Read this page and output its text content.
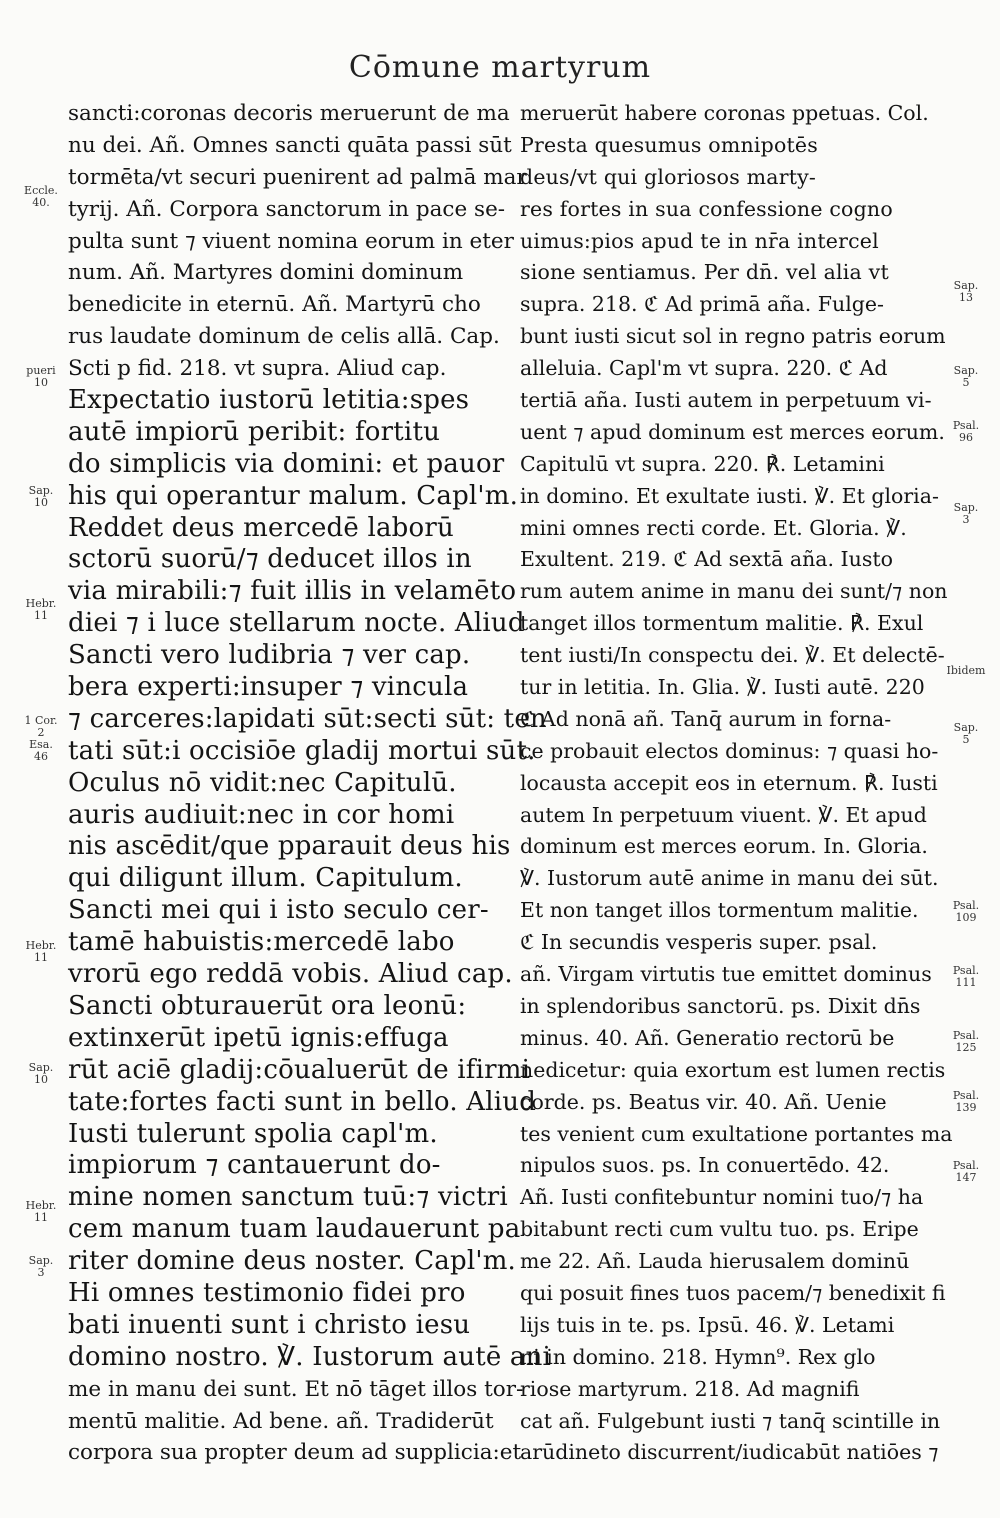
Cōmune martyrum
sancti:coronas decoris meruerunt de ma
nu dei. Añ. Omnes sancti quāta passi sūt
tormēta/vt securi puenirent ad palmā mar
tyrij. Añ. Corpora sanctorum in pace se-
pulta sunt ⁊ viuent nomina eorum in eter
num. Añ. Martyres domini dominum
benedicite in eternū. Añ. Martyrū cho
rus laudate dominum de celis allā. Cap.
Scti p fid. 218. vt supra. Aliud cap.
Expectatio iustorū letitia:spes
autē impiorū peribit: fortitu
do simplicis via domini: et pauor
his qui operantur malum. Capl'm.
Reddet deus mercedē laborū
sctorū suorū/⁊ deducet illos in
via mirabili:⁊ fuit illis in velamēto
diei ⁊ i luce stellarum nocte. Aliud
Sancti vero ludibria ⁊ ver cap.
bera experti:insuper ⁊ vincula
⁊ carceres:lapidati sūt:secti sūt: ten
tati sūt:i occisiōe gladij mortui sūt.
Oculus nō vidit:nec Capitulū.
auris audiuit:nec in cor homi
nis ascēdit/que pparauit deus his
qui diligunt illum. Capitulum.
Sancti mei qui i isto seculo cer-
tamē habuistis:mercedē labo
vrorū ego reddā vobis. Aliud cap.
Sancti obturauerūt ora leonū:
extinxerūt ipetū ignis:effuga
rūt aciē gladij:cōualuerūt de ifirmi
tate:fortes facti sunt in bello. Aliud
Iusti tulerunt spolia capl'm.
impiorum ⁊ cantauerunt do-
mine nomen sanctum tuū:⁊ victri
cem manum tuam laudauerunt pa
riter domine deus noster. Capl'm.
Hi omnes testimonio fidei pro
bati inuenti sunt i christo iesu
domino nostro. ℣. Iustorum autē ani
me in manu dei sunt. Et nō tāget illos tor-
mentū malitie. Ad bene. añ. Tradiderūt
corpora sua propter deum ad supplicia:et
meruerūt habere coronas ppetuas. Col.
Presta quesumus omnipotēs
deus/vt qui gloriosos marty-
res fortes in sua confessione cogno
uimus:pios apud te in nr̄a intercel
sione sentiamus. Per dn̄. vel alia vt
supra. 218. ℭ Ad primā aña. Fulge-
bunt iusti sicut sol in regno patris eorum
alleluia. Capl'm vt supra. 220. ℭ Ad
tertiā aña. Iusti autem in perpetuum vi-
uent ⁊ apud dominum est merces eorum.
Capitulū vt supra. 220. ℟. Letamini
in domino. Et exultate iusti. ℣. Et gloria-
mini omnes recti corde. Et. Gloria. ℣.
Exultent. 219. ℭ Ad sextā aña. Iusto
rum autem anime in manu dei sunt/⁊ non
tanget illos tormentum malitie. ℟. Exul
tent iusti/In conspectu dei. ℣. Et delectē-
tur in letitia. In. Glia. ℣. Iusti autē. 220
ℭ Ad nonā añ. Tanq̄ aurum in forna-
ce probauit electos dominus: ⁊ quasi ho-
locausta accepit eos in eternum. ℟. Iusti
autem In perpetuum viuent. ℣. Et apud
dominum est merces eorum. In. Gloria.
℣. Iustorum autē anime in manu dei sūt.
Et non tanget illos tormentum malitie.
ℭ In secundis vesperis super. psal.
añ. Virgam virtutis tue emittet dominus
in splendoribus sanctorū. ps. Dixit dn̄s
minus. 40. Añ. Generatio rectorū be
nedicetur: quia exortum est lumen rectis
corde. ps. Beatus vir. 40. Añ. Uenie
tes venient cum exultatione portantes ma
nipulos suos. ps. In conuertēdo. 42.
Añ. Iusti confitebuntur nomini tuo/⁊ ha
bitabunt recti cum vultu tuo. ps. Eripe
me 22. Añ. Lauda hierusalem dominū
qui posuit fines tuos pacem/⁊ benedixit fi
lijs tuis in te. ps. Ipsū. 46. ℣. Letami
ni in domino. 218. Hymn⁹. Rex glo
riose martyrum. 218. Ad magnifi
cat añ. Fulgebunt iusti ⁊ tanq̄ scintille in
arūdineto discurrent/iudicabūt natiōes ⁊
Eccle.
40.
pueri
10
Sap.
10
Hebr.
11
1 Cor.
2
Esa.
46
Hebr.
11
Sap.
10
Hebr.
11
Sap.
3
Sap.
13
Sap.
5
Psal.
96
Sap.
3
Ibidem
Sap.
5
Psal.
109
Psal.
111
Psal.
125
Psal.
139
Psal.
147
